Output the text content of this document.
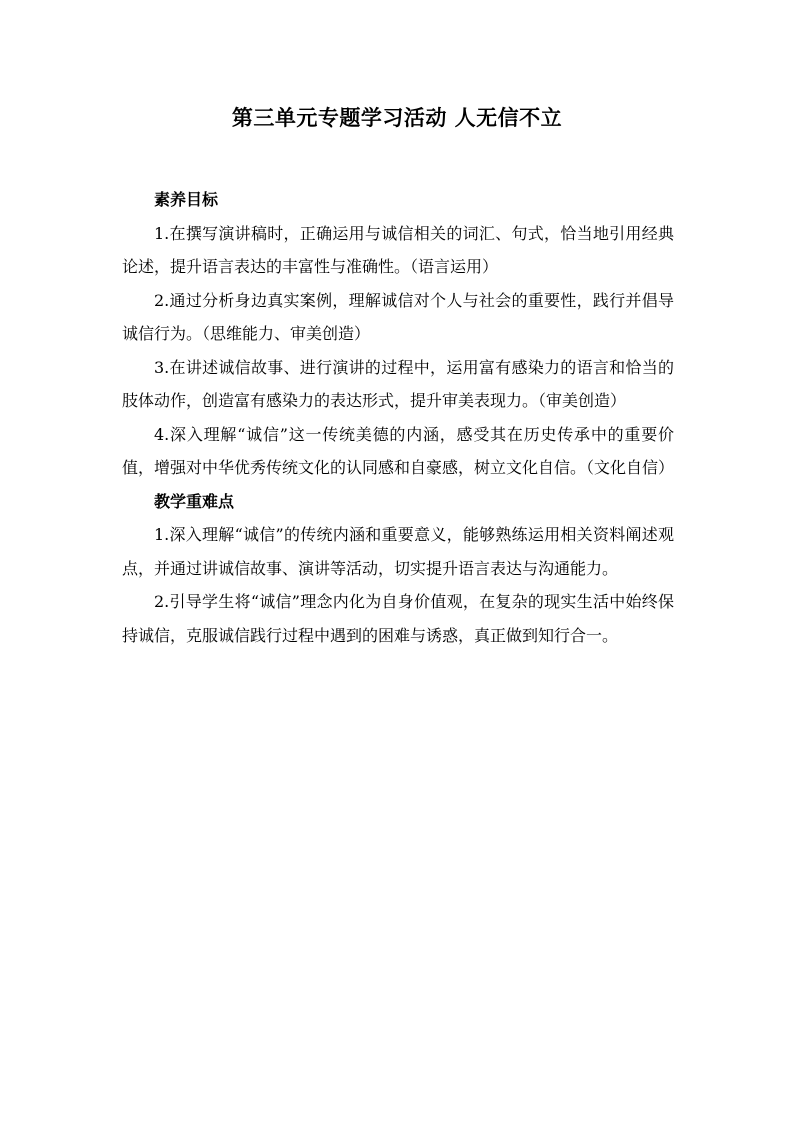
第三单元专题学习活动 人无信不立
素养目标

1.在撰写演讲稿时，正确运用与诚信相关的词汇、句式，恰当地引用经典论述，提升语言表达的丰富性与准确性。（语言运用）

2.通过分析身边真实案例，理解诚信对个人与社会的重要性，践行并倡导诚信行为。（思维能力、审美创造）

3.在讲述诚信故事、进行演讲的过程中，运用富有感染力的语言和恰当的肢体动作，创造富有感染力的表达形式，提升审美表现力。（审美创造）

4.深入理解“诚信”这一传统美德的内涵，感受其在历史传承中的重要价值，增强对中华优秀传统文化的认同感和自豪感，树立文化自信。（文化自信）

教学重难点

1.深入理解“诚信”的传统内涵和重要意义，能够熟练运用相关资料阐述观点，并通过讲诚信故事、演讲等活动，切实提升语言表达与沟通能力。

2.引导学生将“诚信”理念内化为自身价值观，在复杂的现实生活中始终保持诚信，克服诚信践行过程中遇到的困难与诱惑，真正做到知行合一。
